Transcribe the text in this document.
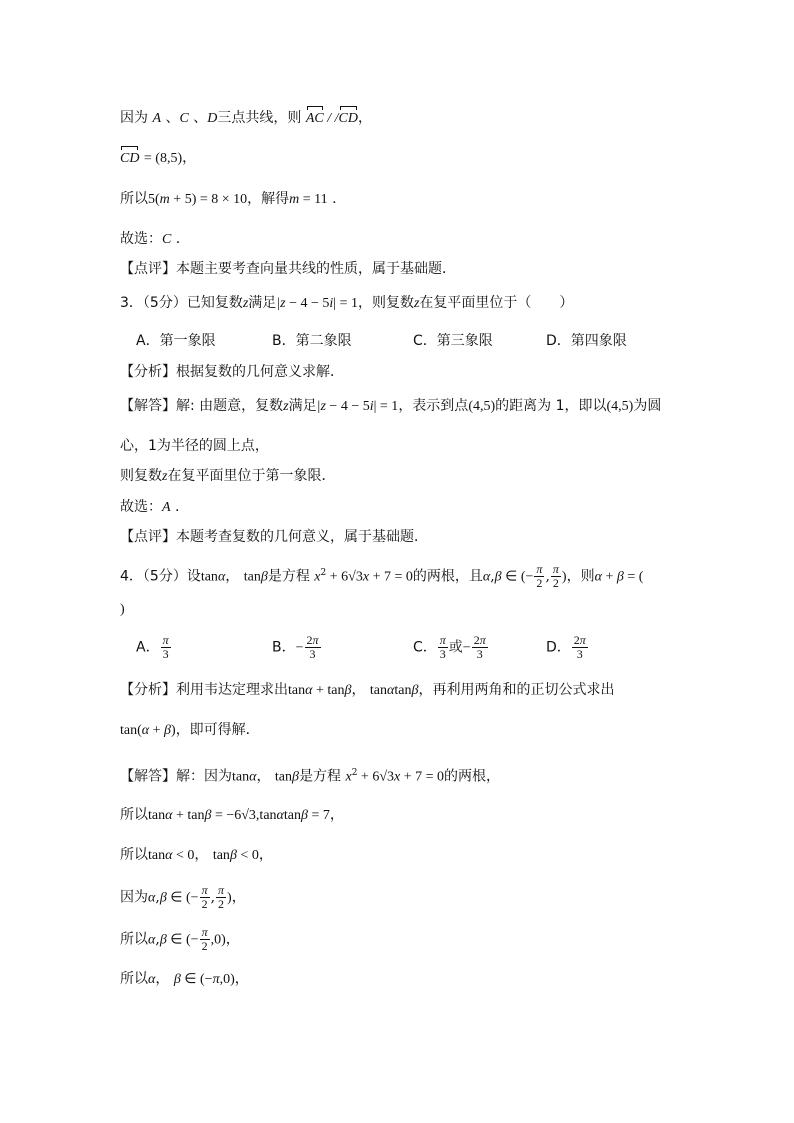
因为 A 、C 、D三点共线，则 AC / /CD，
CD = (8,5)，
所以5(m + 5) = 8 × 10，解得m = 11 .
故选：C .
【点评】本题主要考查向量共线的性质，属于基础题．
3．（5分）已知复数z满足|z − 4 − 5i| = 1，则复数z在复平面里位于（　　）
A．第一象限	B．第二象限	C．第三象限	D．第四象限
【分析】根据复数的几何意义求解．
【解答】解: 由题意，复数z满足|z − 4 − 5i| = 1，表示到点(4,5)的距离为 1，即以(4,5)为圆
心，1为半径的圆上点，
则复数z在复平面里位于第一象限．
故选：A .
【点评】本题考查复数的几何意义，属于基础题．
4．（5分）设tanα， tanβ是方程 $x^2 + 6√3x + 7 = 0$的两根，且α,β ∈ (− $\frac{\pi}{2}$ , $\frac{\pi}{2}$ )，则α + β = (
)
A． $\frac{\pi}{3}$	B．− $\frac{2\pi}{3}$	C． $\frac{\pi}{3}$ 或− $\frac{2\pi}{3}$	D． $\frac{2\pi}{3}$
【分析】利用韦达定理求出tanα + tanβ， tanαtanβ，再利用两角和的正切公式求出
tan(α + β)，即可得解．
【解答】解：因为tanα， tanβ是方程 $x^2 + 6√3x + 7 = 0$的两根，
所以tanα + tanβ = −6√3,tanαtanβ = 7，
所以tanα < 0， tanβ < 0，
因为α,β ∈ (− $\frac{\pi}{2}$ , $\frac{\pi}{2}$ )，
所以α,β ∈ (− $\frac{\pi}{2} ,0$)，
所以α， β ∈ (−π,0)，
